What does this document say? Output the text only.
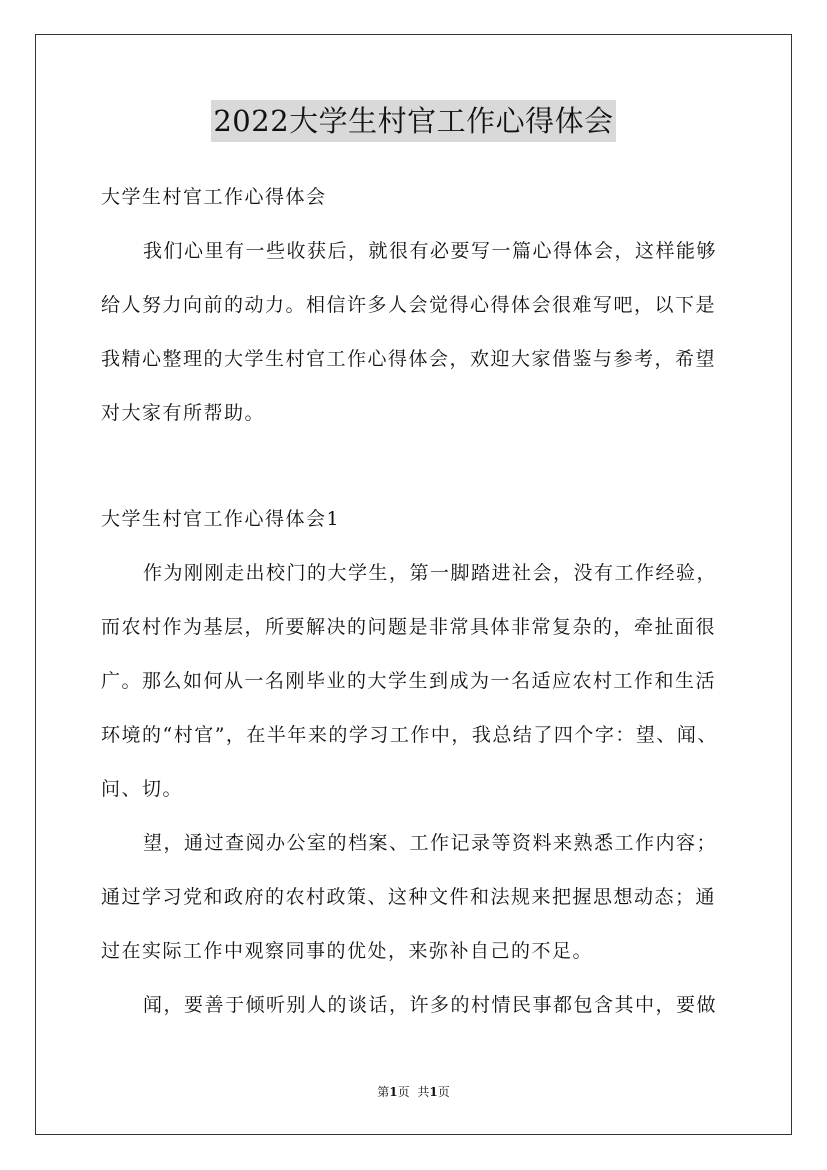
2022大学生村官工作心得体会
大学生村官工作心得体会
我们心里有一些收获后，就很有必要写一篇心得体会，这样能够
给人努力向前的动力。相信许多人会觉得心得体会很难写吧，以下是
我精心整理的大学生村官工作心得体会，欢迎大家借鉴与参考，希望
对大家有所帮助。
大学生村官工作心得体会1
作为刚刚走出校门的大学生，第一脚踏进社会，没有工作经验，
而农村作为基层，所要解决的问题是非常具体非常复杂的，牵扯面很
广。那么如何从一名刚毕业的大学生到成为一名适应农村工作和生活
环境的“村官”，在半年来的学习工作中，我总结了四个字：望、闻、
问、切。
望，通过查阅办公室的档案、工作记录等资料来熟悉工作内容；
通过学习党和政府的农村政策、这种文件和法规来把握思想动态；通
过在实际工作中观察同事的优处，来弥补自己的不足。
闻，要善于倾听别人的谈话，许多的村情民事都包含其中，要做
第1页 共1页
